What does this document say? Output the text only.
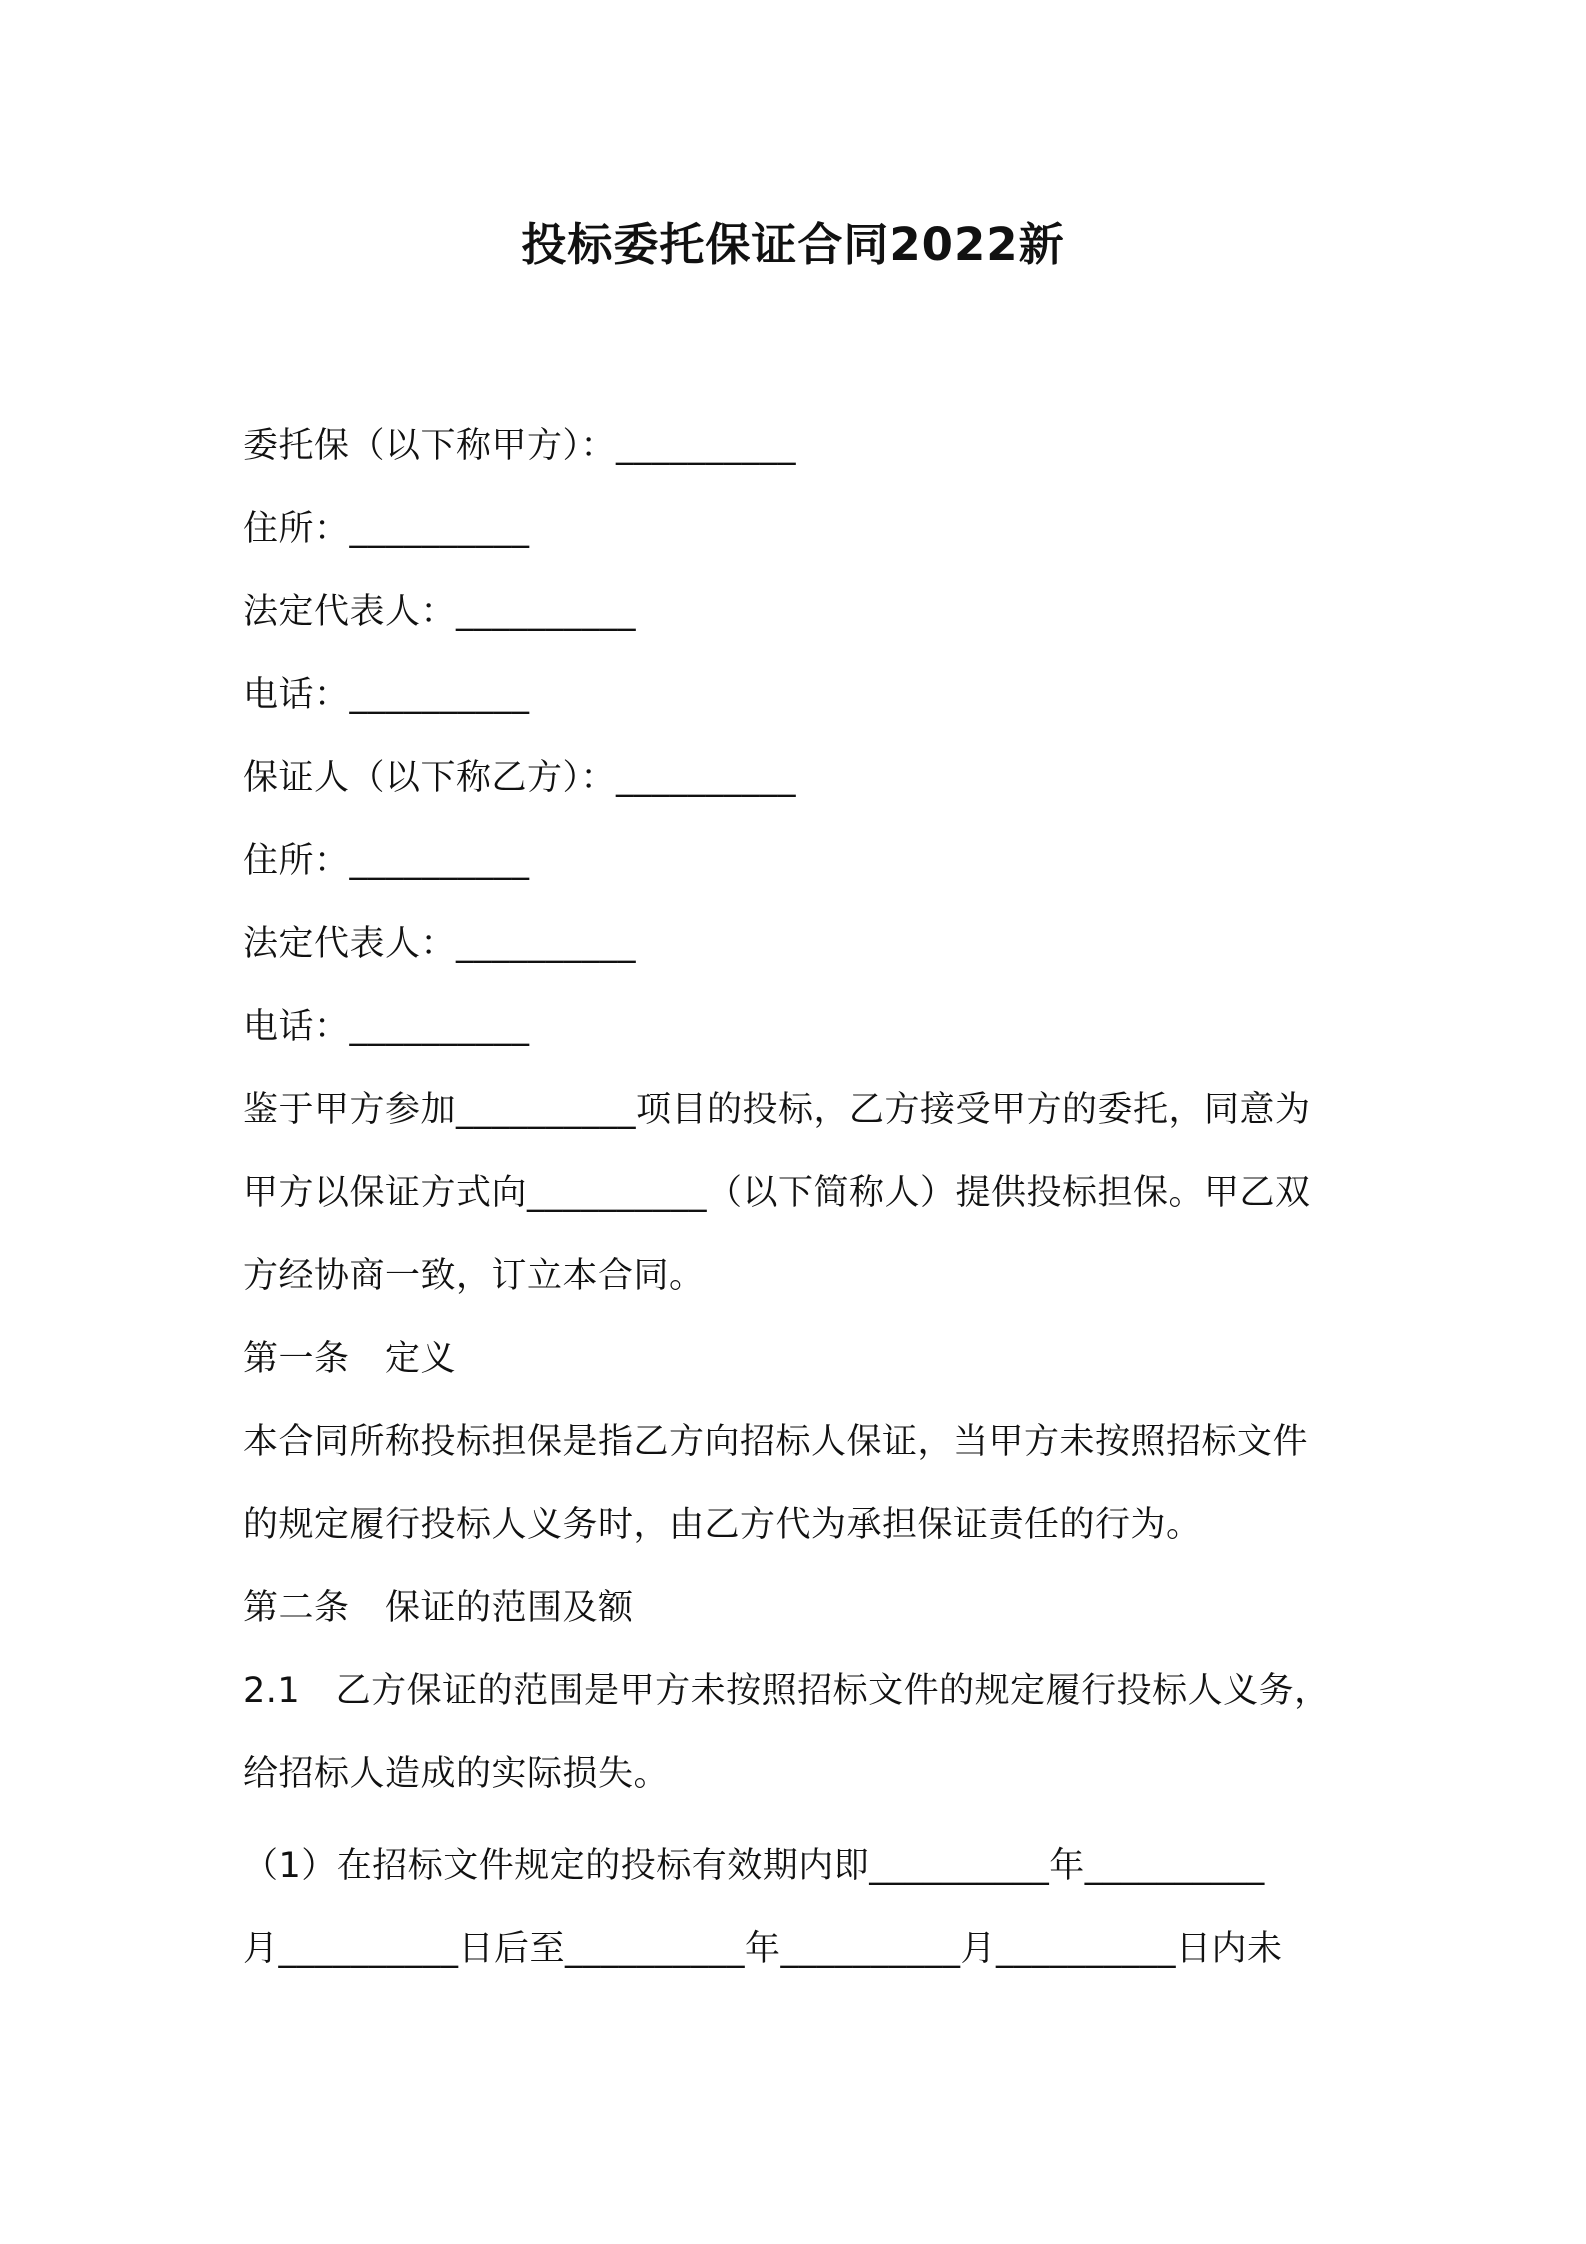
投标委托保证合同2022新
委托保（以下称甲方）：__________
住所：__________
法定代表人：__________
电话：__________
保证人（以下称乙方）：__________
住所：__________
法定代表人：__________
电话：__________
鉴于甲方参加__________项目的投标，乙方接受甲方的委托，同意为
甲方以保证方式向__________（以下简称人）提供投标担保。甲乙双
方经协商一致，订立本合同。
第一条　定义
本合同所称投标担保是指乙方向招标人保证，当甲方未按照招标文件
的规定履行投标人义务时，由乙方代为承担保证责任的行为。
第二条　保证的范围及额
2.1　乙方保证的范围是甲方未按照招标文件的规定履行投标人义务，
给招标人造成的实际损失。
（1）在招标文件规定的投标有效期内即__________年__________
月__________日后至__________年__________月__________日内未
